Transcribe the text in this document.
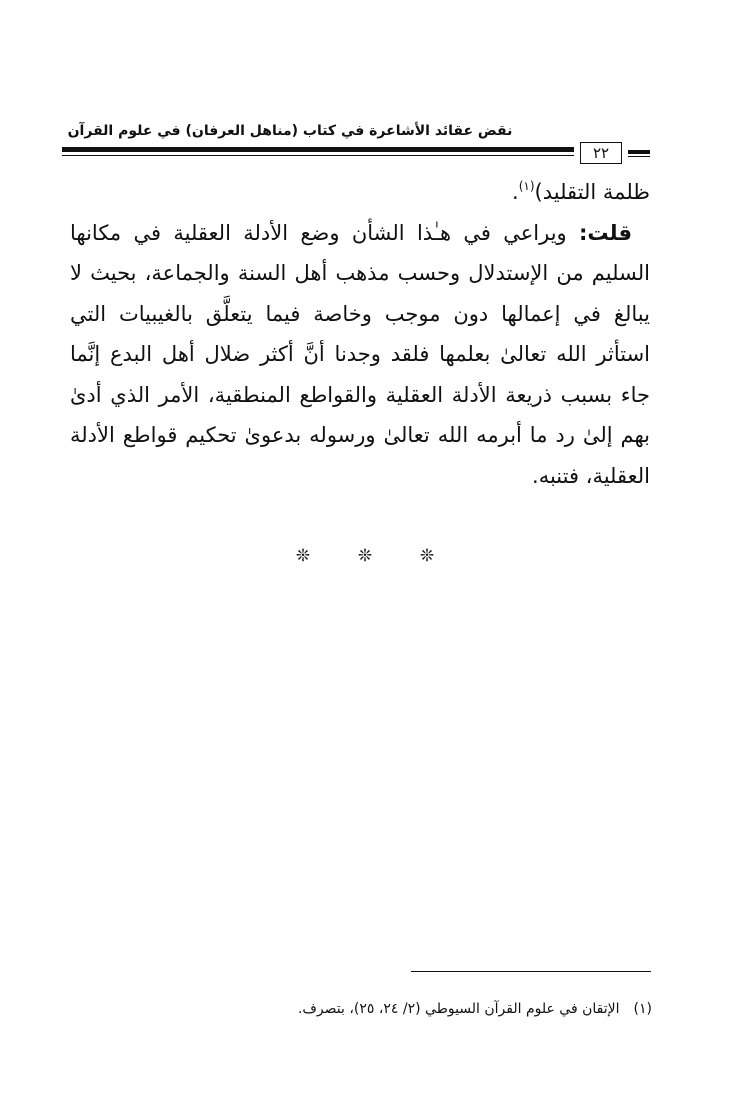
نقض عقائد الأشاعرة في كتاب (مناهل العرفان) في علوم القرآن
٢٢

ظلمة التقليد)$^{(١)}$.

قلت: ويراعي في هـٰذا الشأن وضع الأدلة العقلية في مكانها السليم من الإستدلال وحسب مذهب أهل السنة والجماعة، بحيث لا يبالغ في إعمالها دون موجب وخاصة فيما يتعلَّق بالغيبيات التي استأثر الله تعالىٰ بعلمها فلقد وجدنا أنَّ أكثر ضلال أهل البدع إنَّما جاء بسبب ذريعة الأدلة العقلية والقواطع المنطقية، الأمر الذي أدىٰ بهم إلىٰ رد ما أبرمه الله تعالىٰ ورسوله بدعوىٰ تحكيم قواطع الأدلة العقلية، فتنبه.

❊	❊	❊
(١)الإتقان في علوم القرآن السيوطي (٢/ ٢٤، ٢٥)، بتصرف.
